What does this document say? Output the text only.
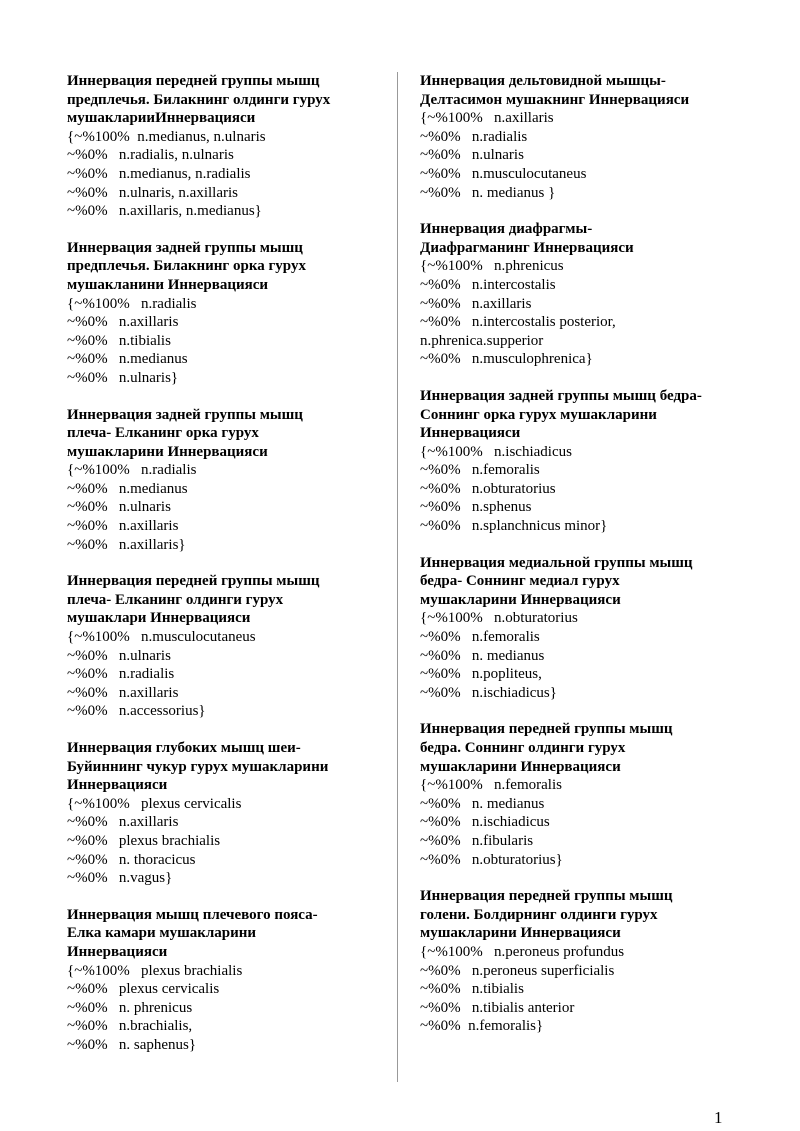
Иннервация передней группы мышц
предплечья. Билакнинг олдинги гурух
мушакларииИннервацияси
{~%100%  n.medianus, n.ulnaris
~%0%   n.radialis, n.ulnaris
~%0%   n.medianus, n.radialis
~%0%   n.ulnaris, n.axillaris
~%0%   n.axillaris, n.medianus}
Иннервация задней группы мышц
предплечья. Билакнинг орка гурух
мушакланини Иннервацияси
{~%100%   n.radialis
~%0%   n.axillaris
~%0%   n.tibialis
~%0%   n.medianus
~%0%   n.ulnaris}
Иннервация задней группы мышц
плеча- Елканинг орка гурух
мушакларини Иннервацияси
{~%100%   n.radialis
~%0%   n.medianus
~%0%   n.ulnaris
~%0%   n.axillaris
~%0%   n.axillaris}
Иннервация передней группы мышц
плеча- Елканинг олдинги гурух
мушаклари Иннервацияси
{~%100%   n.musculocutaneus
~%0%   n.ulnaris
~%0%   n.radialis
~%0%   n.axillaris
~%0%   n.accessorius}
Иннервация глубоких мышц шеи-
Буйиннинг чукур гурух мушакларини
Иннервацияси
{~%100%   plexus cervicalis
~%0%   n.axillaris
~%0%   plexus brachialis
~%0%   n. thoracicus
~%0%   n.vagus}
Иннервация мышц плечевого пояса-
Елка камари мушакларини
Иннервацияси
{~%100%   plexus brachialis
~%0%   plexus cervicalis
~%0%   n. phrenicus
~%0%   n.brachialis,
~%0%   n. saphenus}
Иннервация дельтовидной мышцы-
Делтасимон мушакнинг Иннервацияси
{~%100%   n.axillaris
~%0%   n.radialis
~%0%   n.ulnaris
~%0%   n.musculocutaneus
~%0%   n. medianus }
Иннервация диафрагмы-
Диафрагманинг Иннервацияси
{~%100%   n.phrenicus
~%0%   n.intercostalis
~%0%   n.axillaris
~%0%   n.intercostalis posterior,
n.phrenica.supperior
~%0%   n.musculophrenica}
Иннервация задней группы мышц бедра-
Соннинг орка гурух мушакларини
Иннервацияси
{~%100%   n.ischiadicus
~%0%   n.femoralis
~%0%   n.obturatorius
~%0%   n.sphenus
~%0%   n.splanchnicus minor}
Иннервация медиальной группы мышц
бедра- Соннинг медиал гурух
мушакларини Иннервацияси
{~%100%   n.obturatorius
~%0%   n.femoralis
~%0%   n. medianus
~%0%   n.popliteus,
~%0%   n.ischiadicus}
Иннервация передней группы мышц
бедра. Соннинг олдинги гурух
мушакларини Иннервацияси
{~%100%   n.femoralis
~%0%   n. medianus
~%0%   n.ischiadicus
~%0%   n.fibularis
~%0%   n.obturatorius}
Иннервация передней группы мышц
голени. Болдирнинг олдинги гурух
мушакларини Иннервацияси
{~%100%   n.peroneus profundus
~%0%   n.peroneus superficialis
~%0%   n.tibialis
~%0%   n.tibialis anterior
~%0%  n.femoralis}
1
